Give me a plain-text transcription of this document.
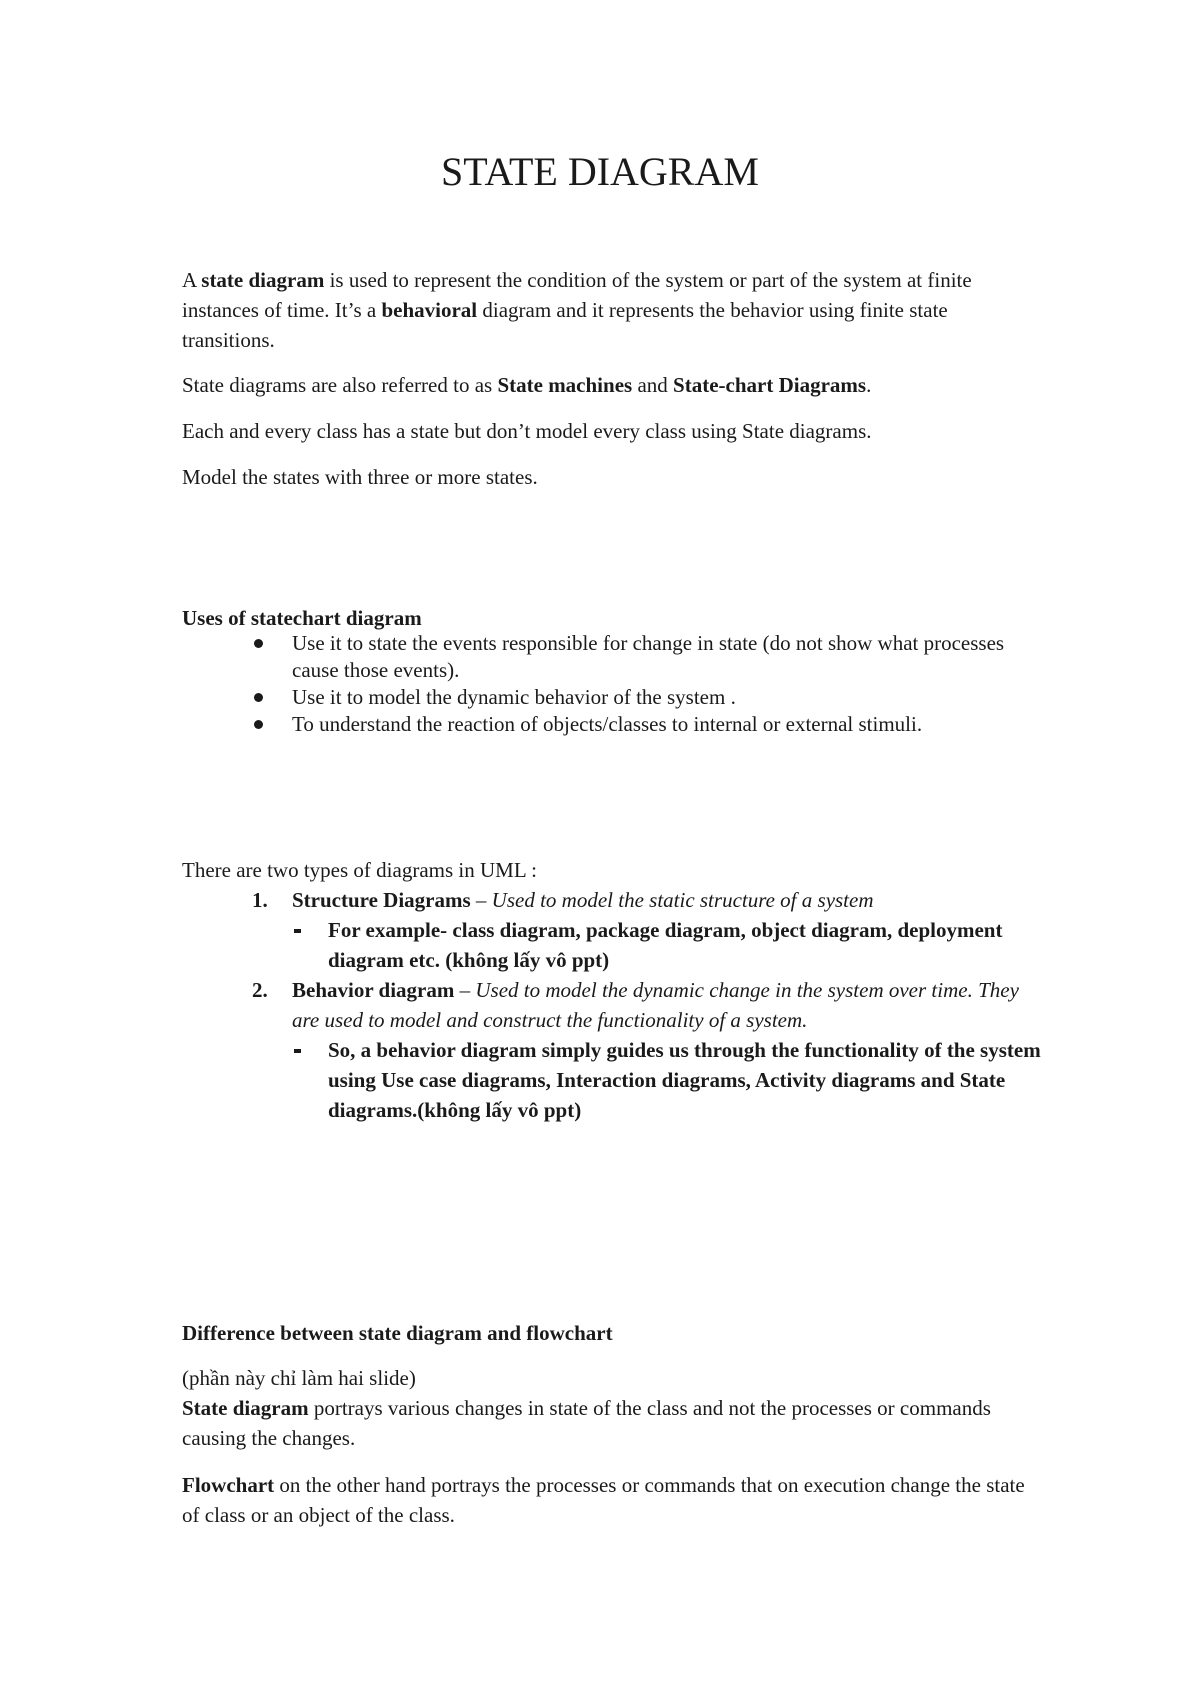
STATE DIAGRAM

A state diagram is used to represent the condition of the system or part of the system at finite instances of time. It’s a behavioral diagram and it represents the behavior using finite state transitions.

State diagrams are also referred to as State machines and State-chart Diagrams.

Each and every class has a state but don’t model every class using State diagrams.

Model the states with three or more states.

Uses of statechart diagram

Use it to state the events responsible for change in state (do not show what processes cause those events).
Use it to model the dynamic behavior of the system .
To understand the reaction of objects/classes to internal or external stimuli.

There are two types of diagrams in UML :

1. Structure Diagrams – Used to model the static structure of a system
For example- class diagram, package diagram, object diagram, deployment diagram etc. (không lấy vô ppt)
2. Behavior diagram – Used to model the dynamic change in the system over time. They are used to model and construct the functionality of a system.
So, a behavior diagram simply guides us through the functionality of the system using Use case diagrams, Interaction diagrams, Activity diagrams and State diagrams.(không lấy vô ppt)

Difference between state diagram and flowchart

(phần này chỉ làm hai slide)

State diagram portrays various changes in state of the class and not the processes or commands causing the changes.

Flowchart on the other hand portrays the processes or commands that on execution change the state of class or an object of the class.
